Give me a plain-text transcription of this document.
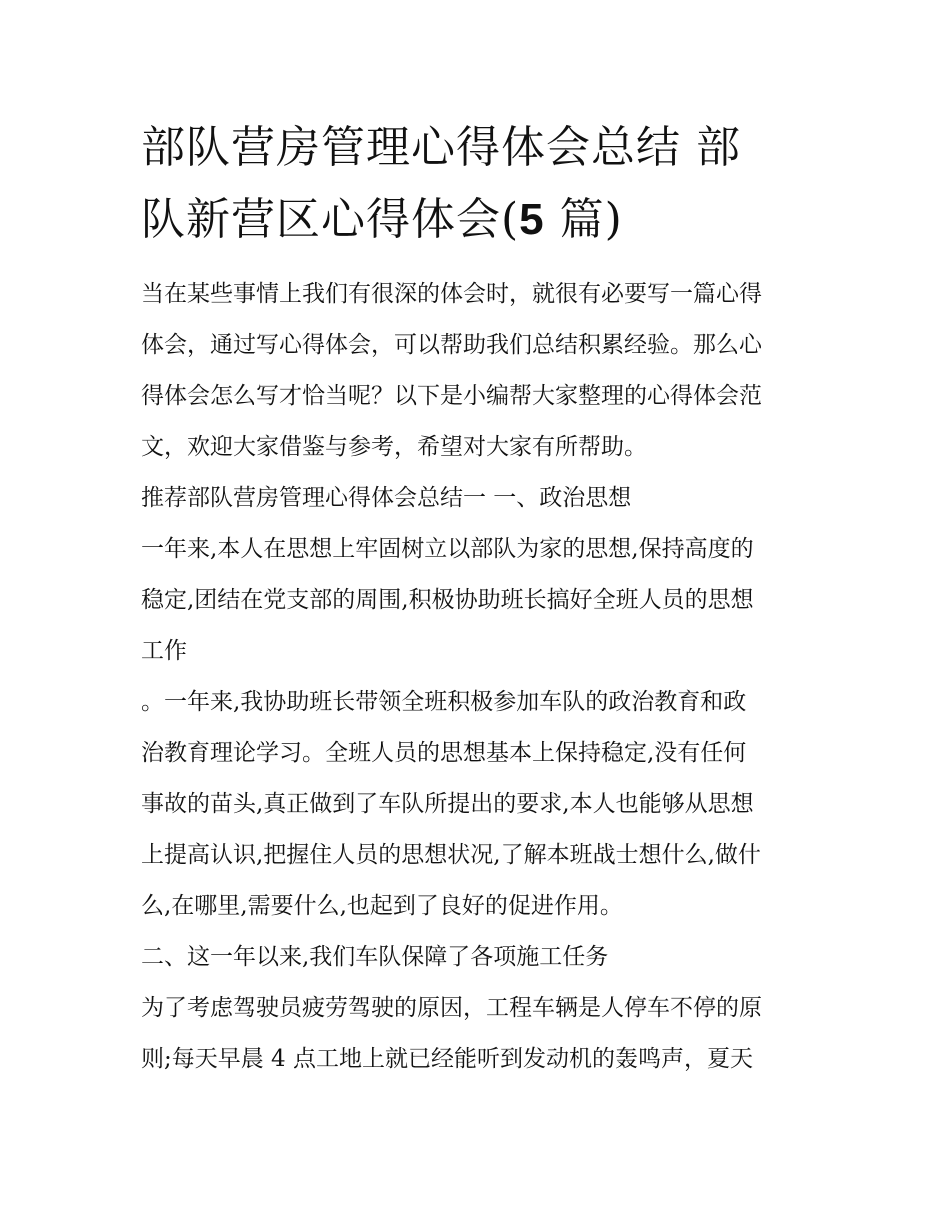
部队营房管理心得体会总结 部
队新营区心得体会(5 篇)
当在某些事情上我们有很深的体会时，就很有必要写一篇心得
体会，通过写心得体会，可以帮助我们总结积累经验。那么心
得体会怎么写才恰当呢？以下是小编帮大家整理的心得体会范
文，欢迎大家借鉴与参考，希望对大家有所帮助。
推荐部队营房管理心得体会总结一 一、政治思想
一年来,本人在思想上牢固树立以部队为家的思想,保持高度的
稳定,团结在党支部的周围,积极协助班长搞好全班人员的思想
工作
。一年来,我协助班长带领全班积极参加车队的政治教育和政
治教育理论学习。全班人员的思想基本上保持稳定,没有任何
事故的苗头,真正做到了车队所提出的要求,本人也能够从思想
上提高认识,把握住人员的思想状况,了解本班战士想什么,做什
么,在哪里,需要什么,也起到了良好的促进作用。
二、这一年以来,我们车队保障了各项施工任务
为了考虑驾驶员疲劳驾驶的原因，工程车辆是人停车不停的原
则;每天早晨 4 点工地上就已经能听到发动机的轰鸣声，夏天
